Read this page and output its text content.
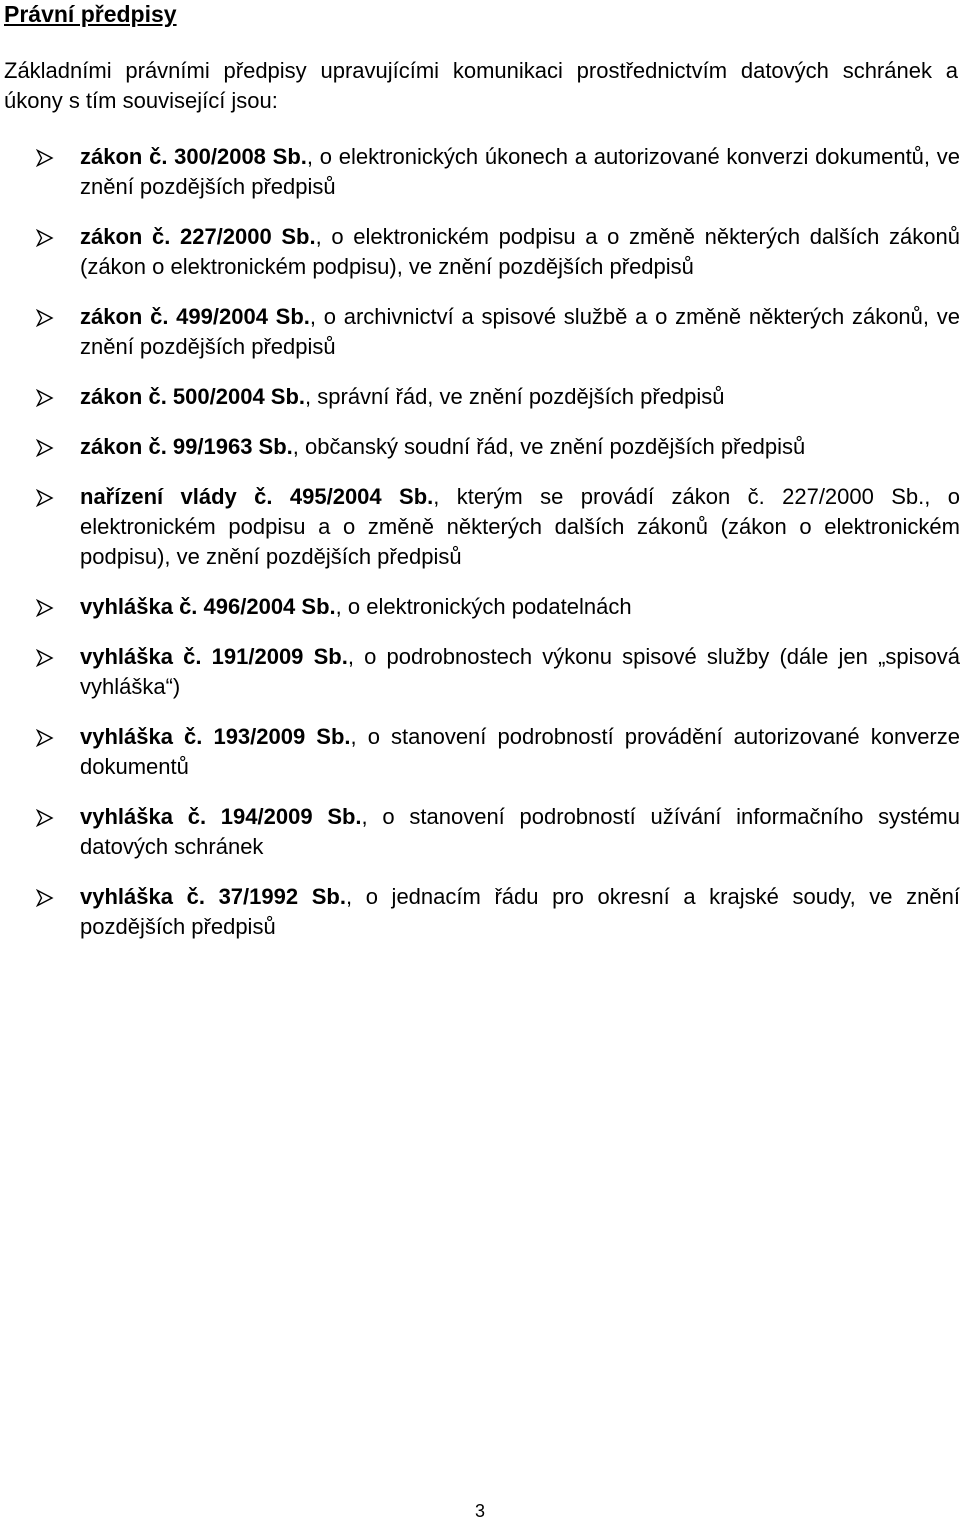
Právní předpisy
Základními právními předpisy upravujícími komunikaci prostřednictvím datových schránek a úkony s tím související jsou:
zákon č. 300/2008 Sb., o elektronických úkonech a autorizované konverzi dokumentů, ve znění pozdějších předpisů
zákon č. 227/2000 Sb., o elektronickém podpisu a o změně některých dalších zákonů (zákon o elektronickém podpisu), ve znění pozdějších předpisů
zákon č. 499/2004 Sb., o archivnictví a spisové službě a o změně některých zákonů, ve znění pozdějších předpisů
zákon č. 500/2004 Sb., správní řád, ve znění pozdějších předpisů
zákon č. 99/1963 Sb., občanský soudní řád, ve znění pozdějších předpisů
nařízení vlády č. 495/2004 Sb., kterým se provádí zákon č. 227/2000 Sb., o elektronickém podpisu a o změně některých dalších zákonů (zákon o elektronickém podpisu), ve znění pozdějších předpisů
vyhláška č. 496/2004 Sb., o elektronických podatelnách
vyhláška č. 191/2009 Sb., o podrobnostech výkonu spisové služby (dále jen „spisová vyhláška“)
vyhláška č. 193/2009 Sb., o stanovení podrobností provádění autorizované konverze dokumentů
vyhláška č. 194/2009 Sb., o stanovení podrobností užívání informačního systému datových schránek
vyhláška č. 37/1992 Sb., o jednacím řádu pro okresní a krajské soudy, ve znění pozdějších předpisů
3
